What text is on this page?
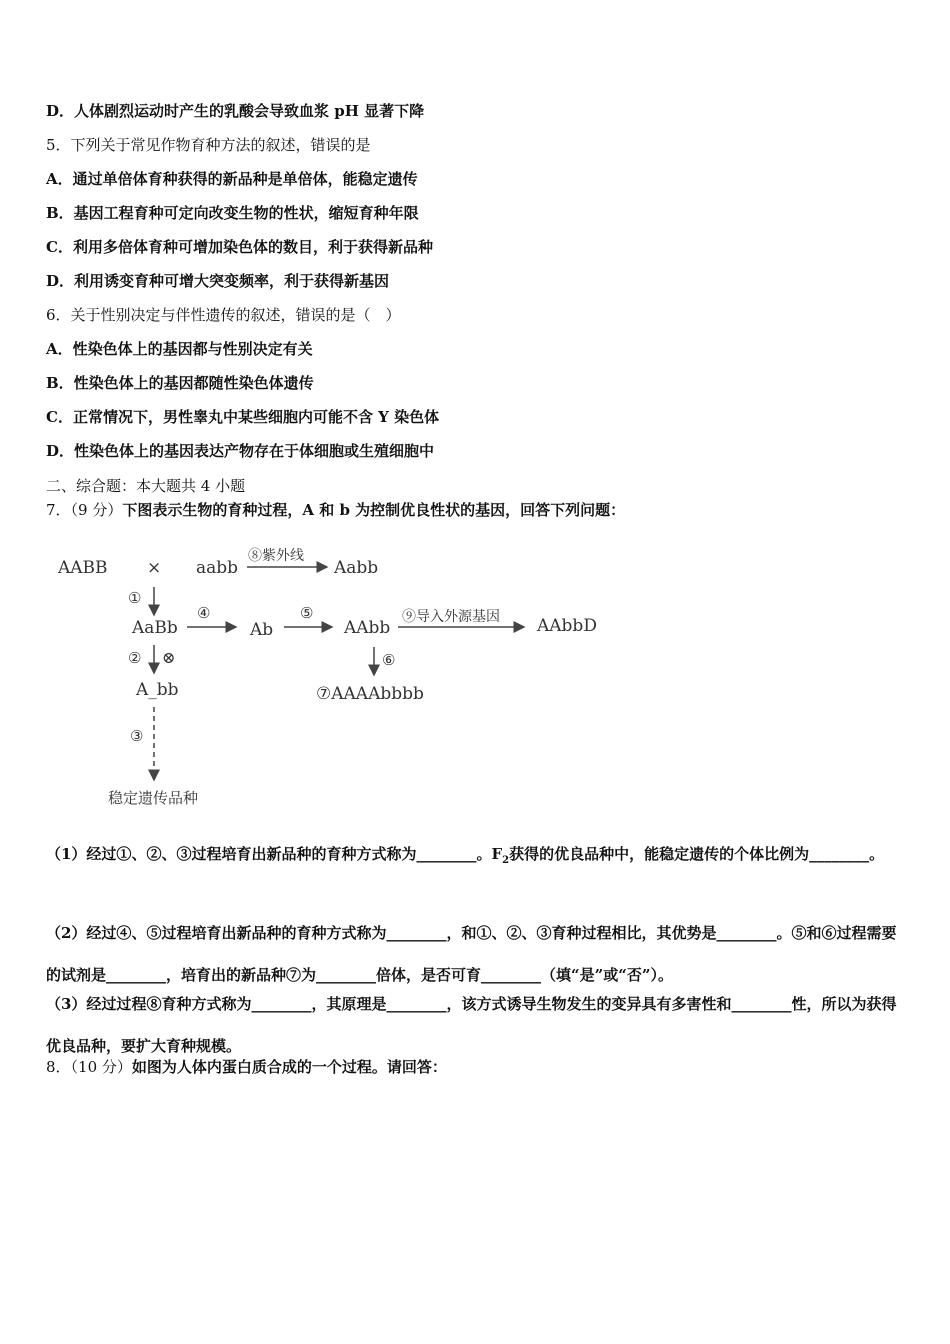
D．人体剧烈运动时产生的乳酸会导致血浆 pH 显著下降
5．下列关于常见作物育种方法的叙述，错误的是
A．通过单倍体育种获得的新品种是单倍体，能稳定遗传
B．基因工程育种可定向改变生物的性状，缩短育种年限
C．利用多倍体育种可增加染色体的数目，利于获得新品种
D．利用诱变育种可增大突变频率，利于获得新基因
6．关于性别决定与伴性遗传的叙述，错误的是（　）
A．性染色体上的基因都与性别决定有关
B．性染色体上的基因都随性染色体遗传
C．正常情况下，男性睾丸中某些细胞内可能不含 Y 染色体
D．性染色体上的基因表达产物存在于体细胞或生殖细胞中
二、综合题：本大题共 4 小题
7．（9 分）下图表示生物的育种过程，A 和 b 为控制优良性状的基因，回答下列问题：
AABB × aabb
⑧紫外线
Aabb
①
AaBb
④
Ab
⑤
AAbb
⑨导入外源基因 AAbbD
② ⊗	⑥
A_bb	⑦AAAAbbbb
③
稳定遗传品种
（1）经过①、②、③过程培育出新品种的育种方式称为________。$F_2$获得的优良品种中，能稳定遗传的个体比例为________。
（2）经过④、⑤过程培育出新品种的育种方式称为________，和①、②、③育种过程相比，其优势是________。⑤和⑥过程需要的试剂是________，培育出的新品种⑦为________倍体，是否可育________（填“是”或“否”）。
（3）经过过程⑧育种方式称为________，其原理是________，该方式诱导生物发生的变异具有多害性和________性，所以为获得优良品种，要扩大育种规模。
8．（10 分）如图为人体内蛋白质合成的一个过程。请回答：
